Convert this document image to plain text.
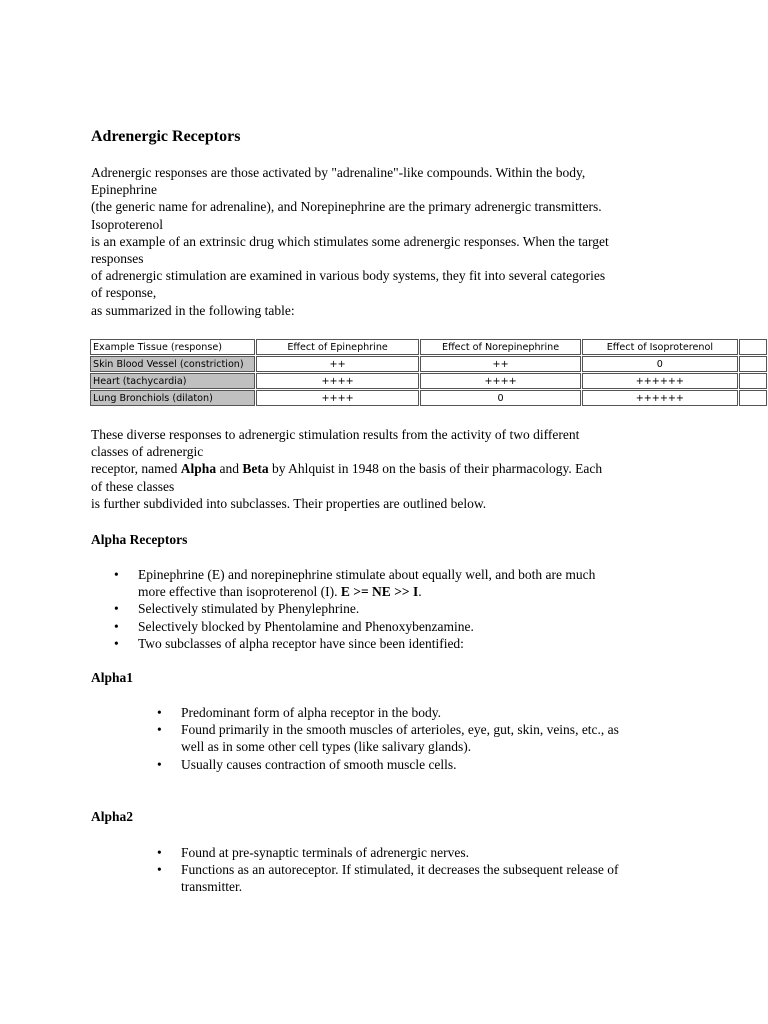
Adrenergic Receptors

Adrenergic responses are those activated by "adrenaline"-like compounds. Within the body,
Epinephrine
(the generic name for adrenaline), and Norepinephrine are the primary adrenergic transmitters.
Isoproterenol
is an example of an extrinsic drug which stimulates some adrenergic responses. When the target
responses
of adrenergic stimulation are examined in various body systems, they fit into several categories
of response,
as summarized in the following table:

Example Tissue (response)	Effect of Epinephrine	Effect of Norepinephrine	Effect of Isoproterenol	
Skin Blood Vessel (constriction)	++	++	0	
Heart (tachycardia)	++++	++++	++++++	
Lung Bronchiols (dilaton)	++++	0	++++++	

These diverse responses to adrenergic stimulation results from the activity of two different
classes of adrenergic
receptor, named Alpha and Beta by Ahlquist in 1948 on the basis of their pharmacology. Each
of these classes
is further subdivided into subclasses. Their properties are outlined below.

Alpha Receptors
• Epinephrine (E) and norepinephrine stimulate about equally well, and both are much
more effective than isoproterenol (I). E >= NE >> I.
• Selectively stimulated by Phenylephrine.
• Selectively blocked by Phentolamine and Phenoxybenzamine.
• Two subclasses of alpha receptor have since been identified:
Alpha1
• Predominant form of alpha receptor in the body.
• Found primarily in the smooth muscles of arterioles, eye, gut, skin, veins, etc., as
well as in some other cell types (like salivary glands).
• Usually causes contraction of smooth muscle cells.
Alpha2
• Found at pre-synaptic terminals of adrenergic nerves.
• Functions as an autoreceptor. If stimulated, it decreases the subsequent release of
transmitter.
